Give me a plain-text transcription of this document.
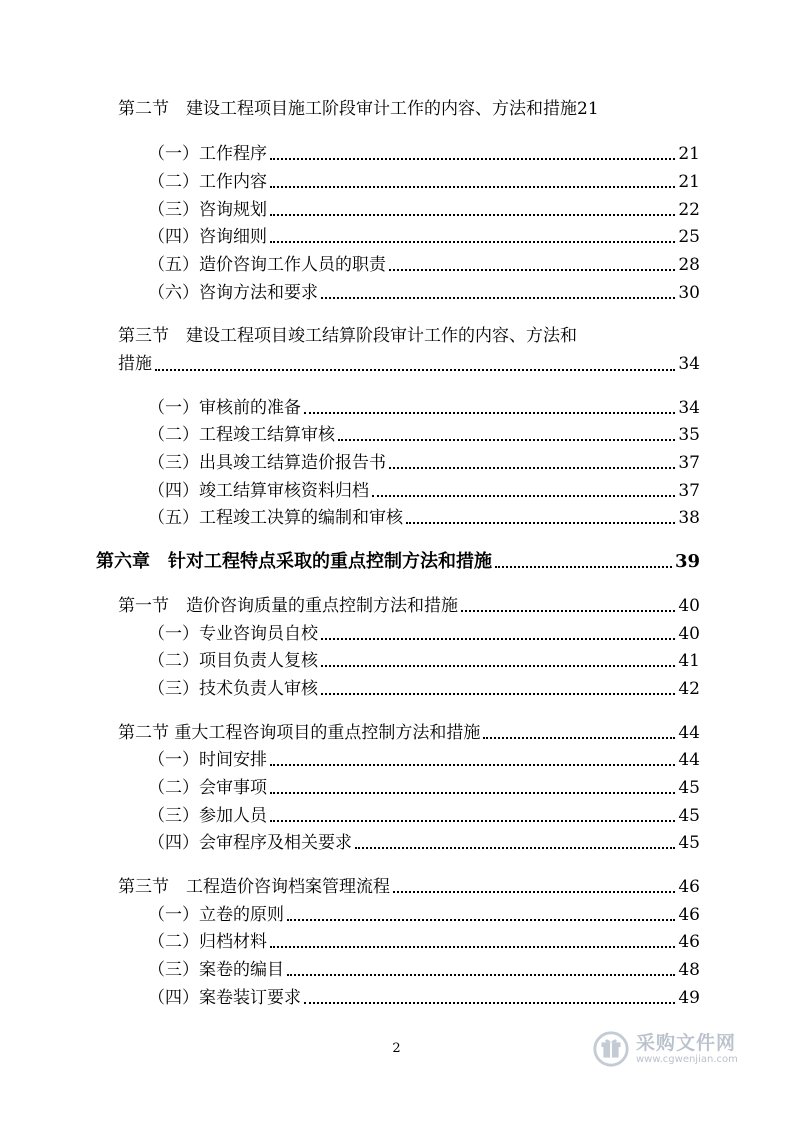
第二节　建设工程项目施工阶段审计工作的内容、方法和措施 21
（一）工作程序	21
（二）工作内容	21
（三）咨询规划	22
（四）咨询细则	25
（五）造价咨询工作人员的职责	28
（六）咨询方法和要求	30
第三节　建设工程项目竣工结算阶段审计工作的内容、方法和
措施	34
（一）审核前的准备	34
（二）工程竣工结算审核	35
（三）出具竣工结算造价报告书	37
（四）竣工结算审核资料归档	37
（五）工程竣工决算的编制和审核	38
第六章　针对工程特点采取的重点控制方法和措施	39
第一节　造价咨询质量的重点控制方法和措施	40
（一）专业咨询员自校	40
（二）项目负责人复核	41
（三）技术负责人审核	42
第二节 重大工程咨询项目的重点控制方法和措施	44
（一）时间安排	44
（二）会审事项	45
（三）参加人员	45
（四）会审程序及相关要求	45
第三节　工程造价咨询档案管理流程	46
（一）立卷的原则	46
（二）归档材料	46
（三）案卷的编目	48
（四）案卷装订要求	49
2	采购文件网
www.cgwenjian.com
